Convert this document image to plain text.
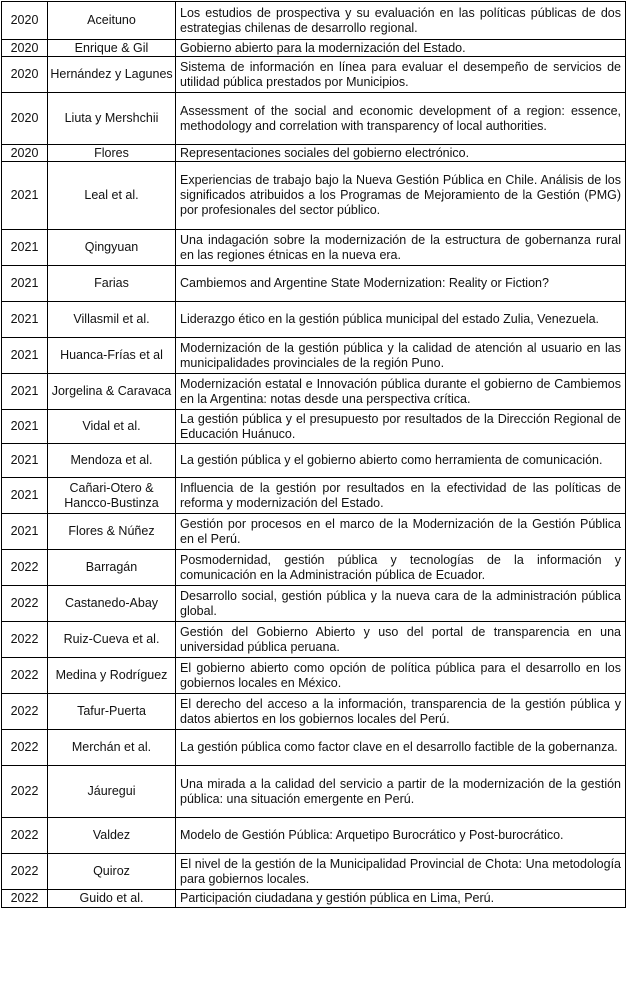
2020	Aceituno	Los estudios de prospectiva y su evaluación en las políticas públicas de dos estrategias chilenas de desarrollo regional.
2020	Enrique & Gil	Gobierno abierto para la modernización del Estado.
2020	Hernández y Lagunes	Sistema de información en línea para evaluar el desempeño de servicios de utilidad pública prestados por Municipios.
2020	Liuta y Mershchii	Assessment of the social and economic development of a region: essence, methodology and correlation with transparency of local authorities.
2020	Flores	Representaciones sociales del gobierno electrónico.
2021	Leal et al.	Experiencias de trabajo bajo la Nueva Gestión Pública en Chile. Análisis de los significados atribuidos a los Programas de Mejoramiento de la Gestión (PMG) por profesionales del sector público.
2021	Qingyuan	Una indagación sobre la modernización de la estructura de gobernanza rural en las regiones étnicas en la nueva era.
2021	Farias	Cambiemos and Argentine State Modernization: Reality or Fiction?
2021	Villasmil et al.	Liderazgo ético en la gestión pública municipal del estado Zulia, Venezuela.
2021	Huanca-Frías et al	Modernización de la gestión pública y la calidad de atención al usuario en las municipalidades provinciales de la región Puno.
2021	Jorgelina & Caravaca	Modernización estatal e Innovación pública durante el gobierno de Cambiemos en la Argentina: notas desde una perspectiva crítica.
2021	Vidal et al.	La gestión pública y el presupuesto por resultados de la Dirección Regional de Educación Huánuco.
2021	Mendoza et al.	La gestión pública y el gobierno abierto como herramienta de comunicación.
2021	Cañari-Otero & Hancco-Bustinza	Influencia de la gestión por resultados en la efectividad de las políticas de reforma y modernización del Estado.
2021	Flores & Núñez	Gestión por procesos en el marco de la Modernización de la Gestión Pública en el Perú.
2022	Barragán	Posmodernidad, gestión pública y tecnologías de la información y comunicación en la Administración pública de Ecuador.
2022	Castanedo-Abay	Desarrollo social, gestión pública y la nueva cara de la administración pública global.
2022	Ruiz-Cueva et al.	Gestión del Gobierno Abierto y uso del portal de transparencia en una universidad pública peruana.
2022	Medina y Rodríguez	El gobierno abierto como opción de política pública para el desarrollo en los gobiernos locales en México.
2022	Tafur-Puerta	El derecho del acceso a la información, transparencia de la gestión pública y datos abiertos en los gobiernos locales del Perú.
2022	Merchán et al.	La gestión pública como factor clave en el desarrollo factible de la gobernanza.
2022	Jáuregui	Una mirada a la calidad del servicio a partir de la modernización de la gestión pública: una situación emergente en Perú.
2022	Valdez	Modelo de Gestión Pública: Arquetipo Burocrático y Post-burocrático.
2022	Quiroz	El nivel de la gestión de la Municipalidad Provincial de Chota: Una metodología para gobiernos locales.
2022	Guido et al.	Participación ciudadana y gestión pública en Lima, Perú.
